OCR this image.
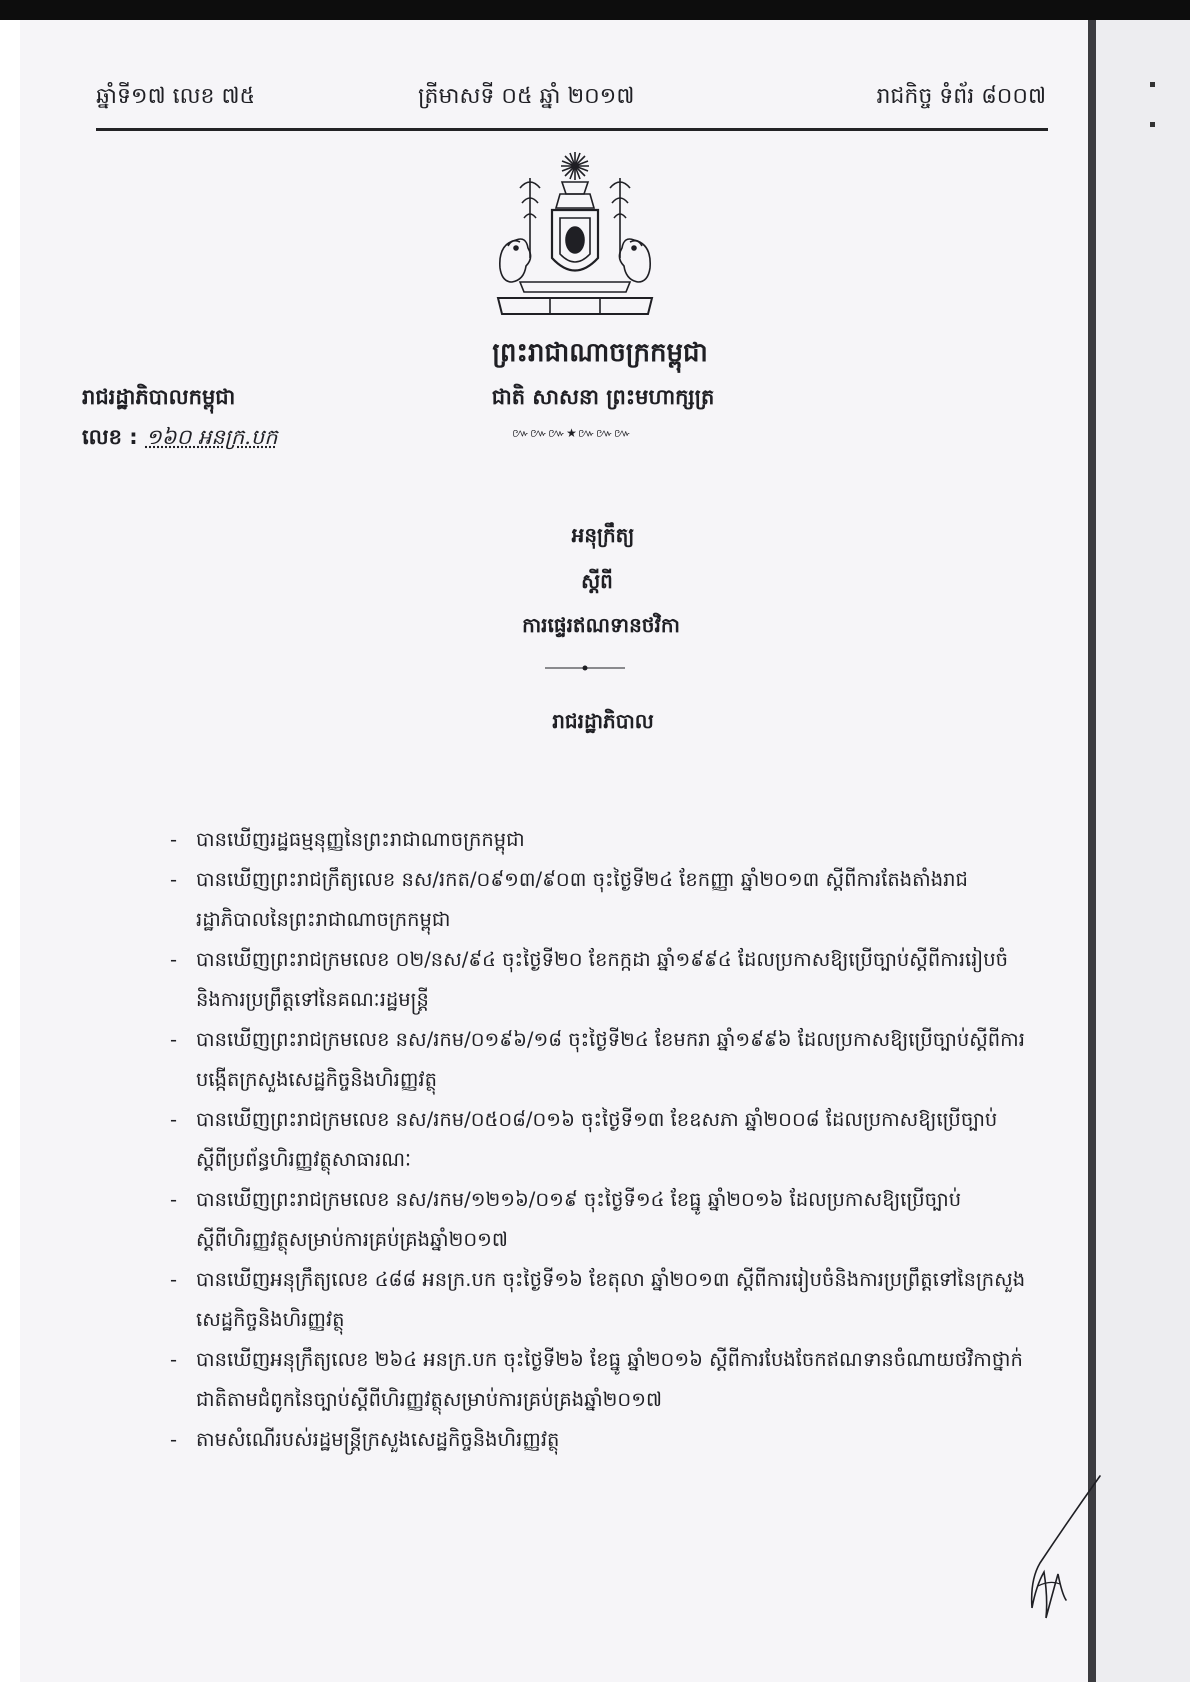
ឆ្នាំទី១៧ លេខ ៧៥	ត្រីមាសទី ០៥ ឆ្នាំ ២០១៧	រាជកិច្ច ទំព័រ ៨០០៧
ព្រះរាជាណាចក្រកម្ពុជា
ជាតិ សាសនា ព្រះមហាក្សត្រ
៚៚៚★៚៚៚
រាជរដ្ឋាភិបាលកម្ពុជា
លេខ : ១៦០ អនក្រ.បក
អនុក្រឹត្យ
ស្តីពី
ការផ្ទេរឥណទានថវិកា
រាជរដ្ឋាភិបាល
- បានឃើញរដ្ឋធម្មនុញ្ញនៃព្រះរាជាណាចក្រកម្ពុជា
- បានឃើញព្រះរាជក្រឹត្យលេខ នស/រកត/០៩១៣/៩០៣ ចុះថ្ងៃទី២៤ ខែកញ្ញា ឆ្នាំ២០១៣ ស្តីពីការតែងតាំងរាជរដ្ឋាភិបាលនៃព្រះរាជាណាចក្រកម្ពុជា
- បានឃើញព្រះរាជក្រមលេខ ០២/នស/៩៤ ចុះថ្ងៃទី២០ ខែកក្កដា ឆ្នាំ១៩៩៤ ដែលប្រកាសឱ្យប្រើច្បាប់ស្តីពីការរៀបចំនិងការប្រព្រឹត្តទៅនៃគណៈរដ្ឋមន្ត្រី
- បានឃើញព្រះរាជក្រមលេខ នស/រកម/០១៩៦/១៨ ចុះថ្ងៃទី២៤ ខែមករា ឆ្នាំ១៩៩៦ ដែលប្រកាសឱ្យប្រើច្បាប់ស្តីពីការបង្កើតក្រសួងសេដ្ឋកិច្ចនិងហិរញ្ញវត្ថុ
- បានឃើញព្រះរាជក្រមលេខ នស/រកម/០៥០៨/០១៦ ចុះថ្ងៃទី១៣ ខែឧសភា ឆ្នាំ២០០៨ ដែលប្រកាសឱ្យប្រើច្បាប់ស្តីពីប្រព័ន្ធហិរញ្ញវត្ថុសាធារណៈ
- បានឃើញព្រះរាជក្រមលេខ នស/រកម/១២១៦/០១៩ ចុះថ្ងៃទី១៤ ខែធ្នូ ឆ្នាំ២០១៦ ដែលប្រកាសឱ្យប្រើច្បាប់ស្តីពីហិរញ្ញវត្ថុសម្រាប់ការគ្រប់គ្រងឆ្នាំ២០១៧
- បានឃើញអនុក្រឹត្យលេខ ៤៨៨ អនក្រ.បក ចុះថ្ងៃទី១៦ ខែតុលា ឆ្នាំ២០១៣ ស្តីពីការរៀបចំនិងការប្រព្រឹត្តទៅនៃក្រសួងសេដ្ឋកិច្ចនិងហិរញ្ញវត្ថុ
- បានឃើញអនុក្រឹត្យលេខ ២៦៤ អនក្រ.បក ចុះថ្ងៃទី២៦ ខែធ្នូ ឆ្នាំ២០១៦ ស្តីពីការបែងចែកឥណទានចំណាយថវិកាថ្នាក់ជាតិតាមជំពូកនៃច្បាប់ស្តីពីហិរញ្ញវត្ថុសម្រាប់ការគ្រប់គ្រងឆ្នាំ២០១៧
- តាមសំណើរបស់រដ្ឋមន្ត្រីក្រសួងសេដ្ឋកិច្ចនិងហិរញ្ញវត្ថុ
